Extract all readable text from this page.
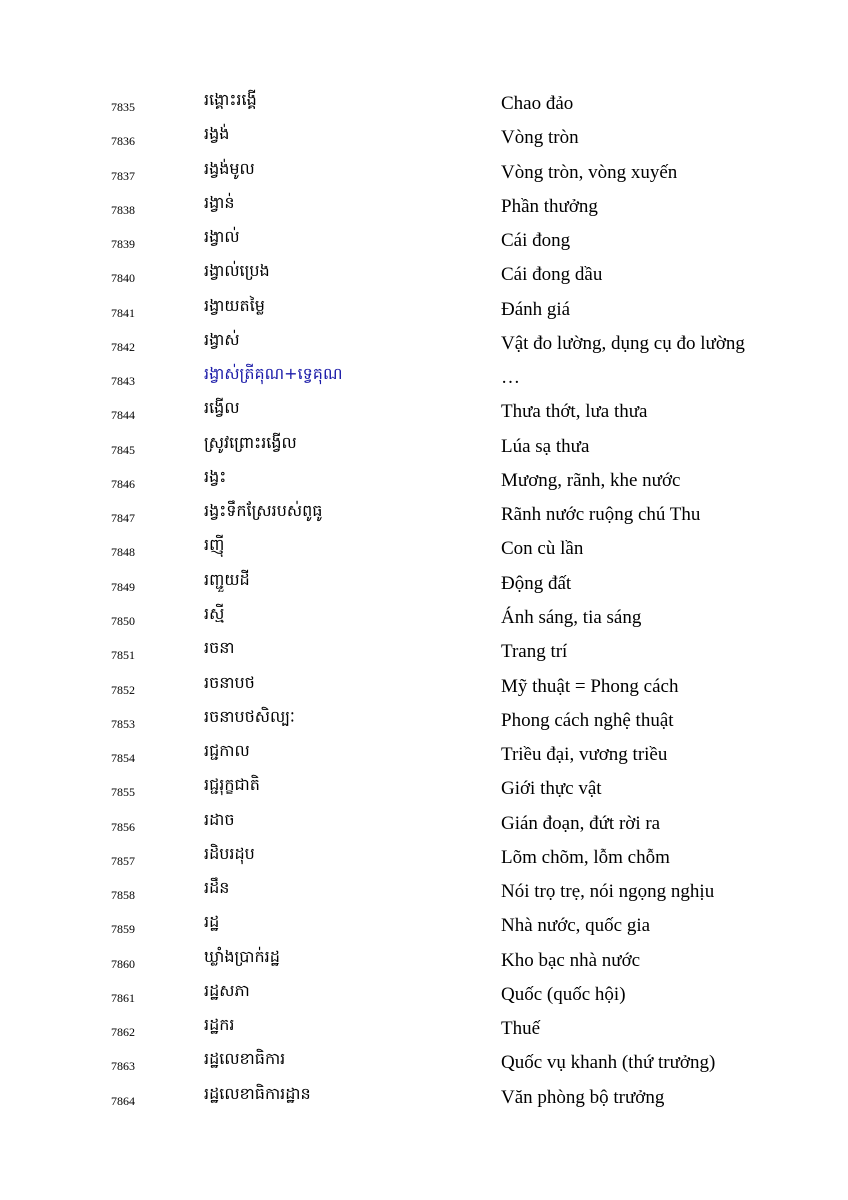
7835	រង្គោះរង្គើ	Chao đảo
7836	រង្វង់	Vòng tròn
7837	រង្វង់មូល	Vòng tròn, vòng xuyến
7838	រង្វាន់	Phần thưởng
7839	រង្វាល់	Cái đong
7840	រង្វាល់ប្រេង	Cái đong dầu
7841	រង្វាយតម្លៃ	Đánh giá
7842	រង្វាស់	Vật đo lường, dụng cụ đo lường
7843	រង្វាស់ត្រីគុណ+ទ្វេគុណ	…
7844	រង្វើល	Thưa thớt, lưa thưa
7845	ស្រូវព្រោះរង្វើល	Lúa sạ thưa
7846	រង្វះ	Mương, rãnh, khe nước
7847	រង្វះទឹកស្រែរបស់ពូធូ	Rãnh nước ruộng chú Thu
7848	រញ៉ី	Con cù lần
7849	រញ្ជួយដី	Động đất
7850	រស្មី	Ánh sáng, tia sáng
7851	រចនា	Trang trí
7852	រចនាបថ	Mỹ thuật = Phong cách
7853	រចនាបថសិល្បៈ	Phong cách nghệ thuật
7854	រជ្ជកាល	Triều đại, vương triều
7855	រជ្ជរុក្ខជាតិ	Giới thực vật
7856	រដាច	Gián đoạn, đứt rời ra
7857	រដិបរដុប	Lõm chõm, lỗm chỗm
7858	រដឹន	Nói trọ trẹ, nói ngọng nghịu
7859	រដ្ឋ	Nhà nước, quốc gia
7860	ឃ្លាំងប្រាក់រដ្ឋ	Kho bạc nhà nước
7861	រដ្ឋសភា	Quốc (quốc hội)
7862	រដ្ឋករ	Thuế
7863	រដ្ឋលេខាធិការ	Quốc vụ khanh (thứ trưởng)
7864	រដ្ឋលេខាធិការដ្ឋាន	Văn phòng bộ trưởng
